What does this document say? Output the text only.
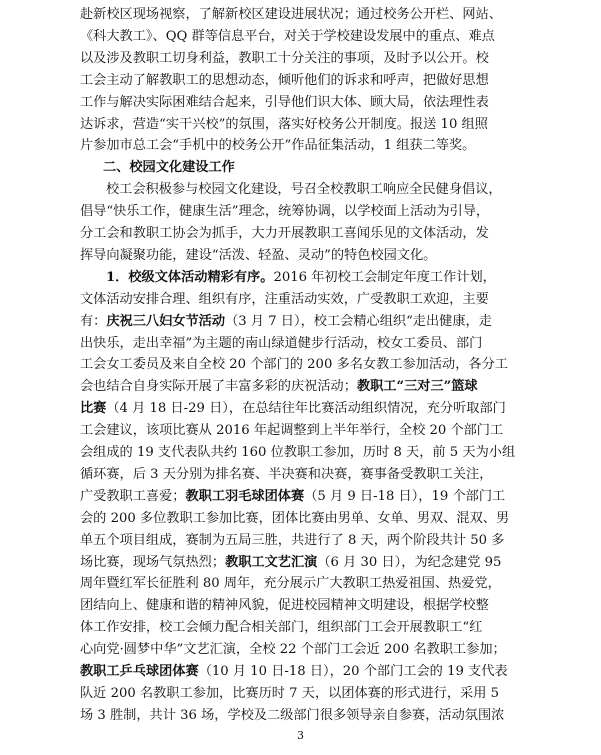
赴新校区现场视察，了解新校区建设进展状况；通过校务公开栏、网站、
《科大教工》、QQ 群等信息平台，对关于学校建设发展中的重点、难点
以及涉及教职工切身利益，教职工十分关注的事项，及时予以公开。校
工会主动了解教职工的思想动态，倾听他们的诉求和呼声，把做好思想
工作与解决实际困难结合起来，引导他们识大体、顾大局，依法理性表
达诉求，营造“实干兴校”的氛围，落实好校务公开制度。报送 10 组照
片参加市总工会“手机中的校务公开”作品征集活动，1 组获二等奖。
二、校园文化建设工作
校工会积极参与校园文化建设，号召全校教职工响应全民健身倡议，
倡导“快乐工作，健康生活”理念，统筹协调，以学校面上活动为引导，
分工会和教职工协会为抓手，大力开展教职工喜闻乐见的文体活动，发
挥导向凝聚功能，建设“活泼、轻盈、灵动”的特色校园文化。
1．校级文体活动精彩有序。2016 年初校工会制定年度工作计划，
文体活动安排合理、组织有序，注重活动实效，广受教职工欢迎，主要
有：庆祝三八妇女节活动（3 月 7 日），校工会精心组织“走出健康，走
出快乐，走出幸福”为主题的南山绿道健步行活动，校女工委员、部门
工会女工委员及来自全校 20 个部门的 200 多名女教工参加活动，各分工
会也结合自身实际开展了丰富多彩的庆祝活动；教职工“三对三”篮球
比赛（4 月 18 日-29 日），在总结往年比赛活动组织情况，充分听取部门
工会建议，该项比赛从 2016 年起调整到上半年举行，全校 20 个部门工
会组成的 19 支代表队共约 160 位教职工参加，历时 8 天，前 5 天为小组
循环赛，后 3 天分别为排名赛、半决赛和决赛，赛事备受教职工关注，
广受教职工喜爱；教职工羽毛球团体赛（5 月 9 日-18 日），19 个部门工
会的 200 多位教职工参加比赛，团体比赛由男单、女单、男双、混双、男
单五个项目组成，赛制为五局三胜，共进行了 8 天，两个阶段共计 50 多
场比赛，现场气氛热烈；教职工文艺汇演（6 月 30 日），为纪念建党 95
周年暨红军长征胜利 80 周年，充分展示广大教职工热爱祖国、热爱党，
团结向上、健康和谐的精神风貌，促进校园精神文明建设，根据学校整
体工作安排，校工会倾力配合相关部门，组织部门工会开展教职工“红
心向党·圆梦中华”文艺汇演，全校 22 个部门工会近 200 名教职工参加；
教职工乒乓球团体赛（10 月 10 日-18 日），20 个部门工会的 19 支代表
队近 200 名教职工参加，比赛历时 7 天，以团体赛的形式进行，采用 5
场 3 胜制，共计 36 场，学校及二级部门很多领导亲自参赛，活动氛围浓
3
